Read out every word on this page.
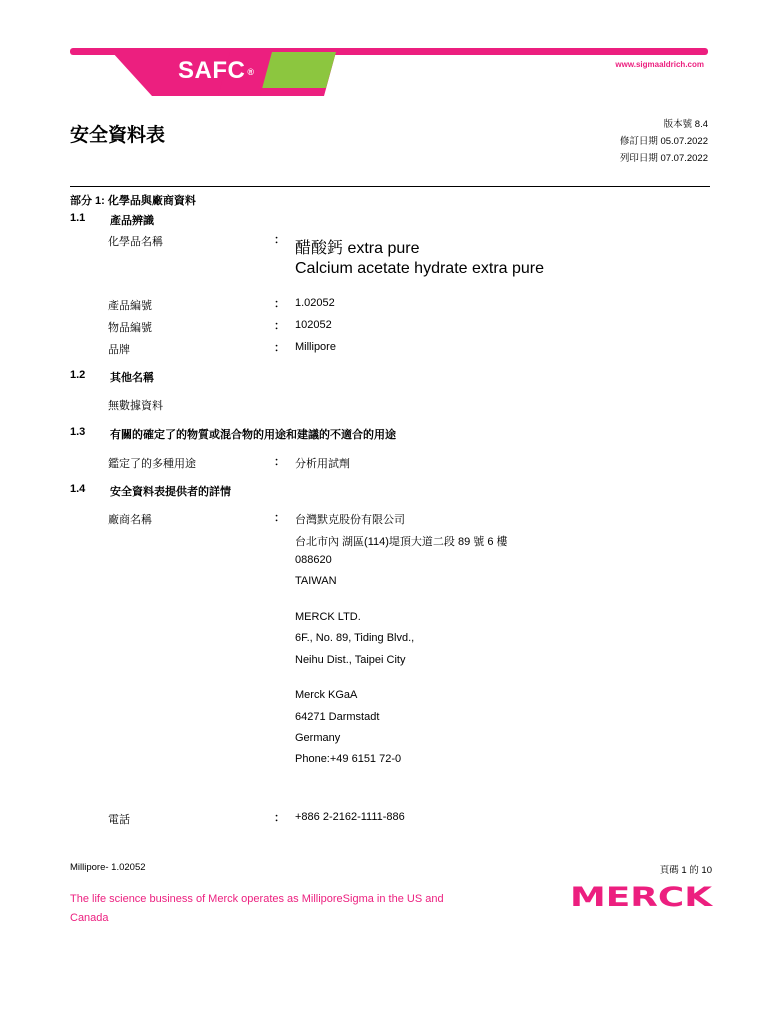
SAFC ®
www.sigmaaldrich.com
安全資料表
版本號 8.4
修訂日期 05.07.2022
列印日期 07.07.2022
部分 1: 化學品與廠商資料
1.1 產品辨識
化學品名稱	： 醋酸鈣 extra pure
Calcium acetate hydrate extra pure
產品編號	： 1.02052
物品編號	： 102052
品牌	： Millipore
1.2 其他名稱
無數據資料
1.3 有關的確定了的物質或混合物的用途和建議的不適合的用途
鑑定了的多種用途	： 分析用試劑
1.4 安全資料表提供者的詳情
廠商名稱	： 台灣默克股份有限公司
台北市內 湖區(114)堤頂大道二段 89 號 6 樓
088620
TAIWAN
MERCK LTD.
6F., No. 89, Tiding Blvd.,
Neihu Dist., Taipei City
Merck KGaA
64271 Darmstadt
Germany
Phone:+49 6151 72-0
電話	： +886 2-2162-1111-886
Millipore- 1.02052	頁碼 1 的 10
The life science business of Merck operates as MilliporeSigma in the US and Canada
MERCK
